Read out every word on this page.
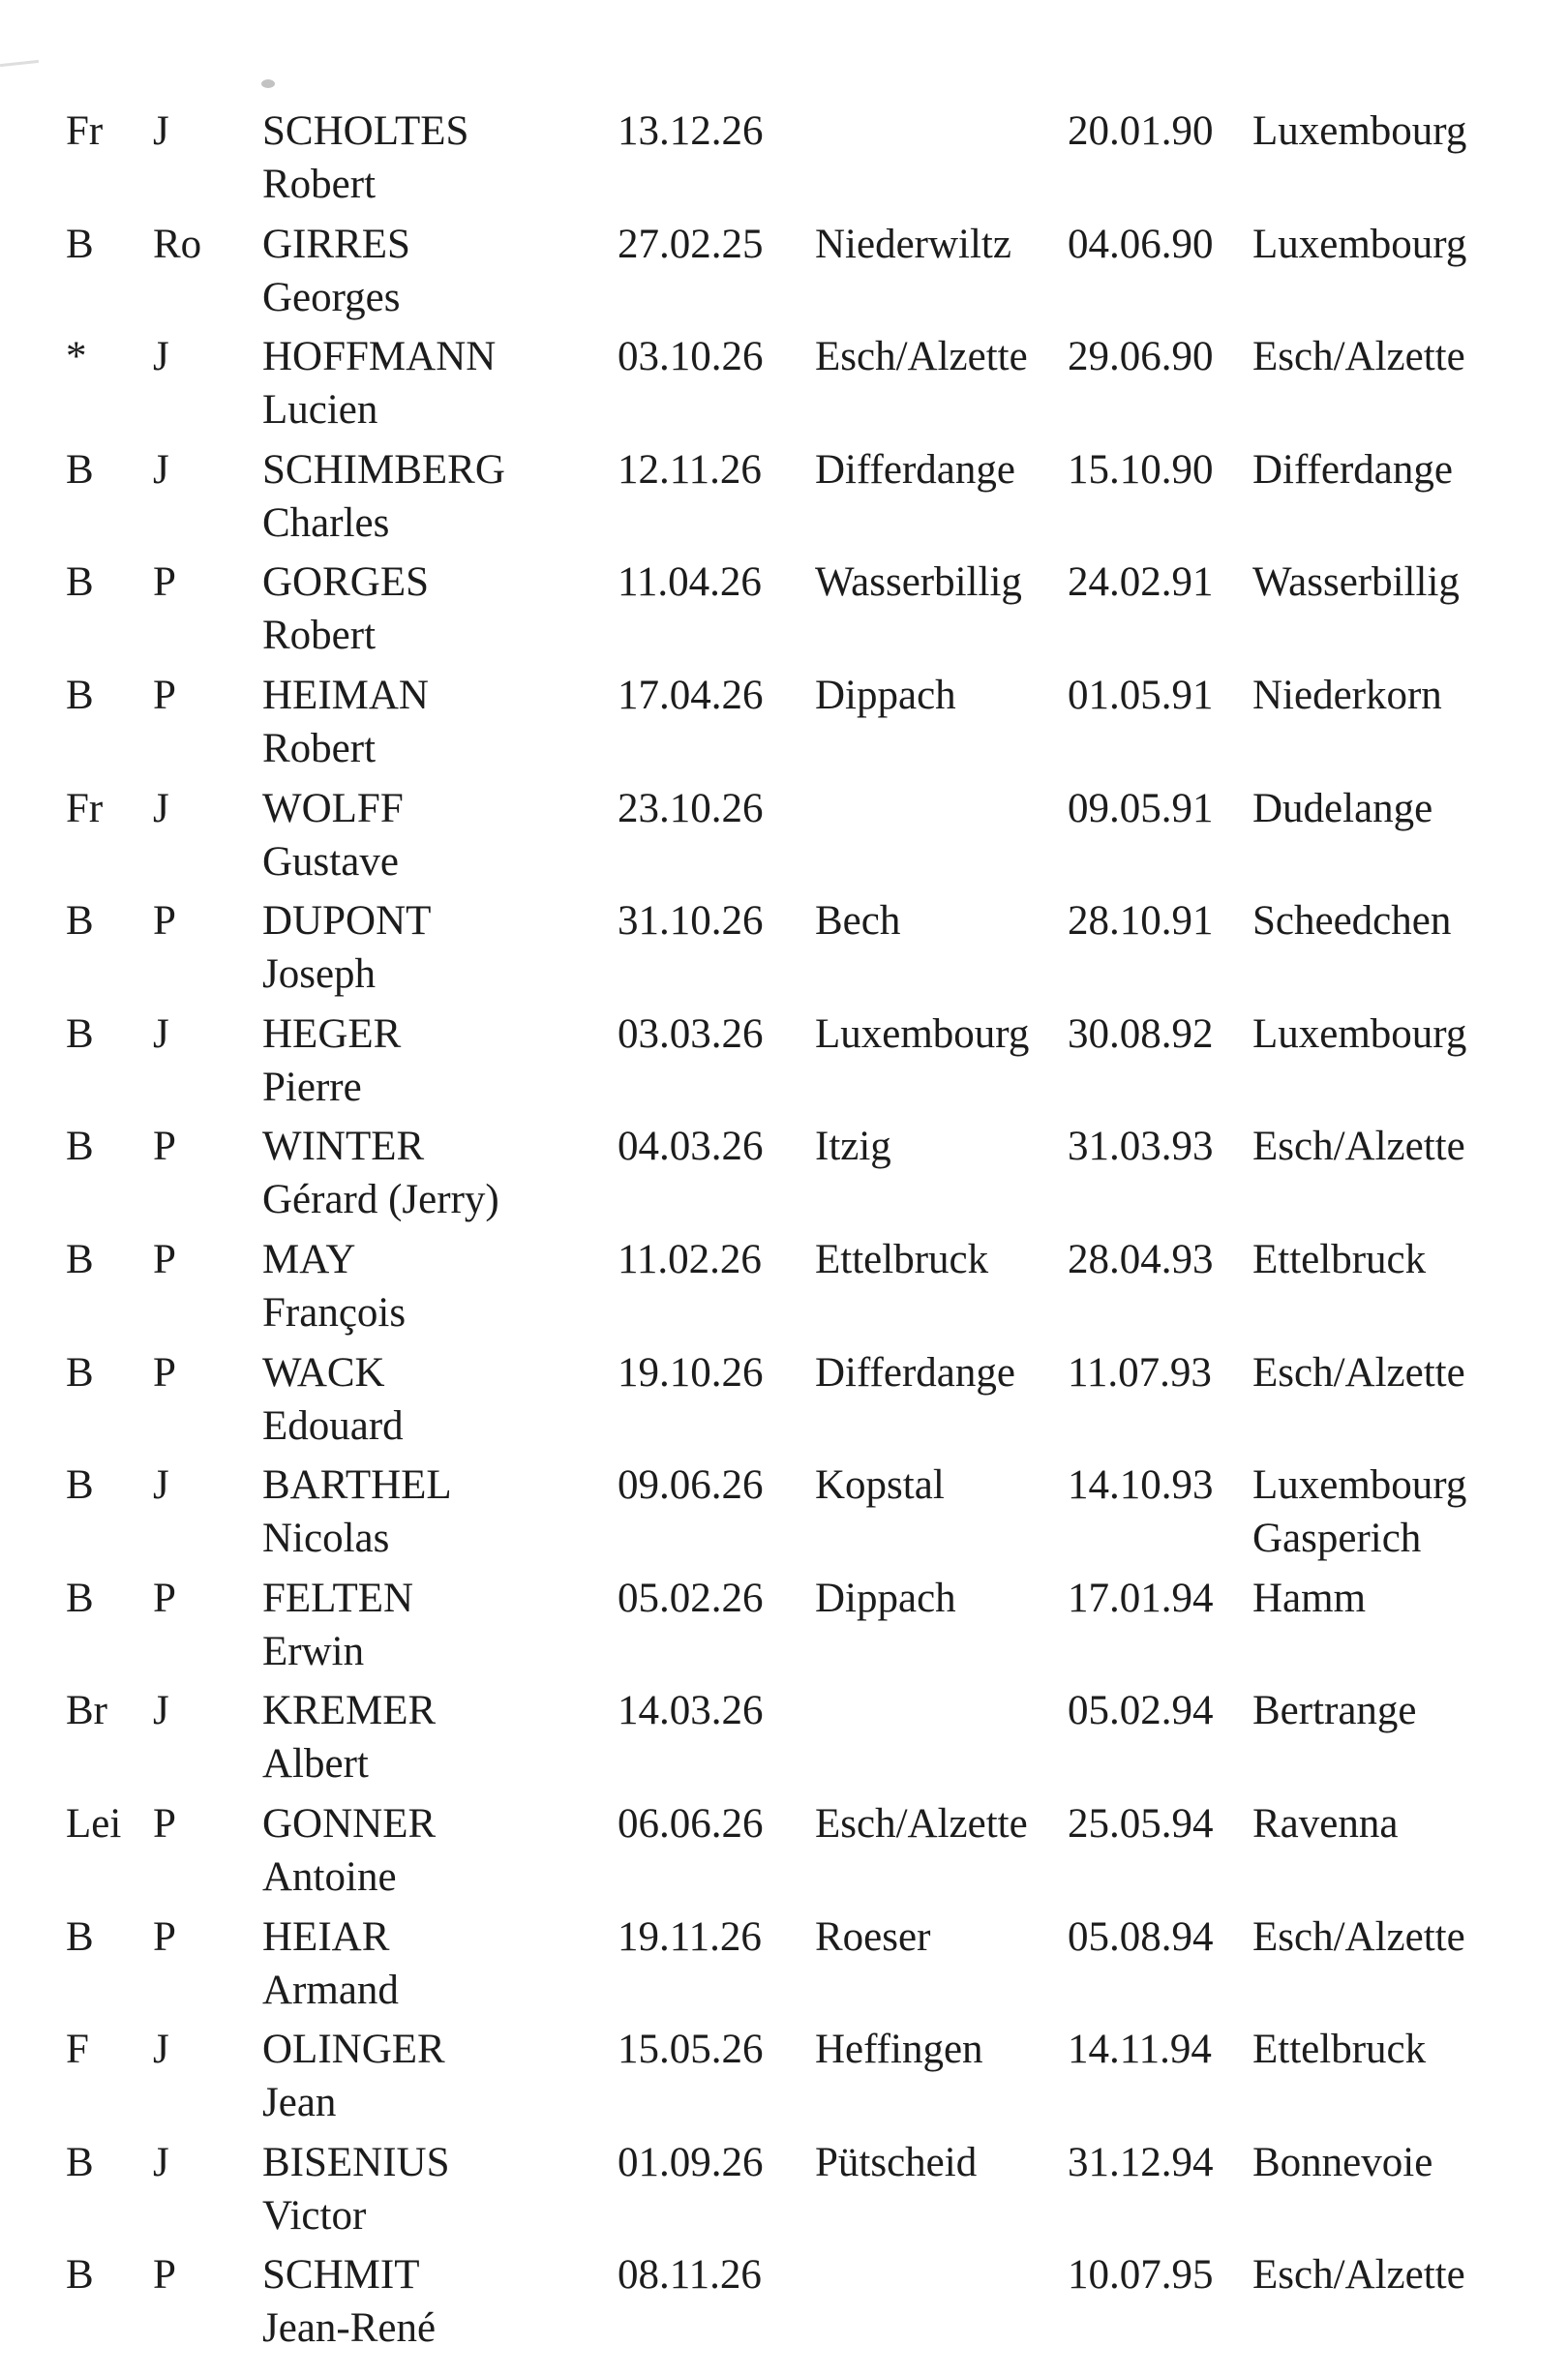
Fr J SCHOLTES
Robert
13.12.26	20.01.90 Luxembourg
B Ro GIRRES
Georges
27.02.25 Niederwiltz 04.06.90 Luxembourg
* J HOFFMANN
Lucien
03.10.26 Esch/Alzette 29.06.90 Esch/Alzette
B J SCHIMBERG
Charles
12.11.26 Differdange 15.10.90 Differdange
B P GORGES
Robert
11.04.26 Wasserbillig 24.02.91 Wasserbillig
B P HEIMAN
Robert
17.04.26 Dippach	01.05.91 Niederkorn
Fr J WOLFF
Gustave
23.10.26	09.05.91 Dudelange
B P DUPONT
Joseph
31.10.26 Bech	28.10.91 Scheedchen
B J HEGER
Pierre
03.03.26 Luxembourg 30.08.92 Luxembourg
B P WINTER
Gérard (Jerry)
04.03.26 Itzig	31.03.93 Esch/Alzette
B P MAY
François
11.02.26 Ettelbruck 28.04.93 Ettelbruck
B P WACK
Edouard
19.10.26 Differdange 11.07.93 Esch/Alzette
B J BARTHEL
Nicolas
09.06.26 Kopstal	14.10.93 Luxembourg
Gasperich
B P FELTEN
Erwin
05.02.26 Dippach	17.01.94 Hamm
Br J KREMER
Albert
14.03.26	05.02.94 Bertrange
Lei P GONNER
Antoine
06.06.26 Esch/Alzette 25.05.94 Ravenna
B P HEIAR
Armand
19.11.26 Roeser	05.08.94 Esch/Alzette
F J OLINGER
Jean
15.05.26 Heffingen 14.11.94 Ettelbruck
B J BISENIUS
Victor
01.09.26 Pütscheid 31.12.94 Bonnevoie
B P SCHMIT
Jean-René
08.11.26	10.07.95 Esch/Alzette
